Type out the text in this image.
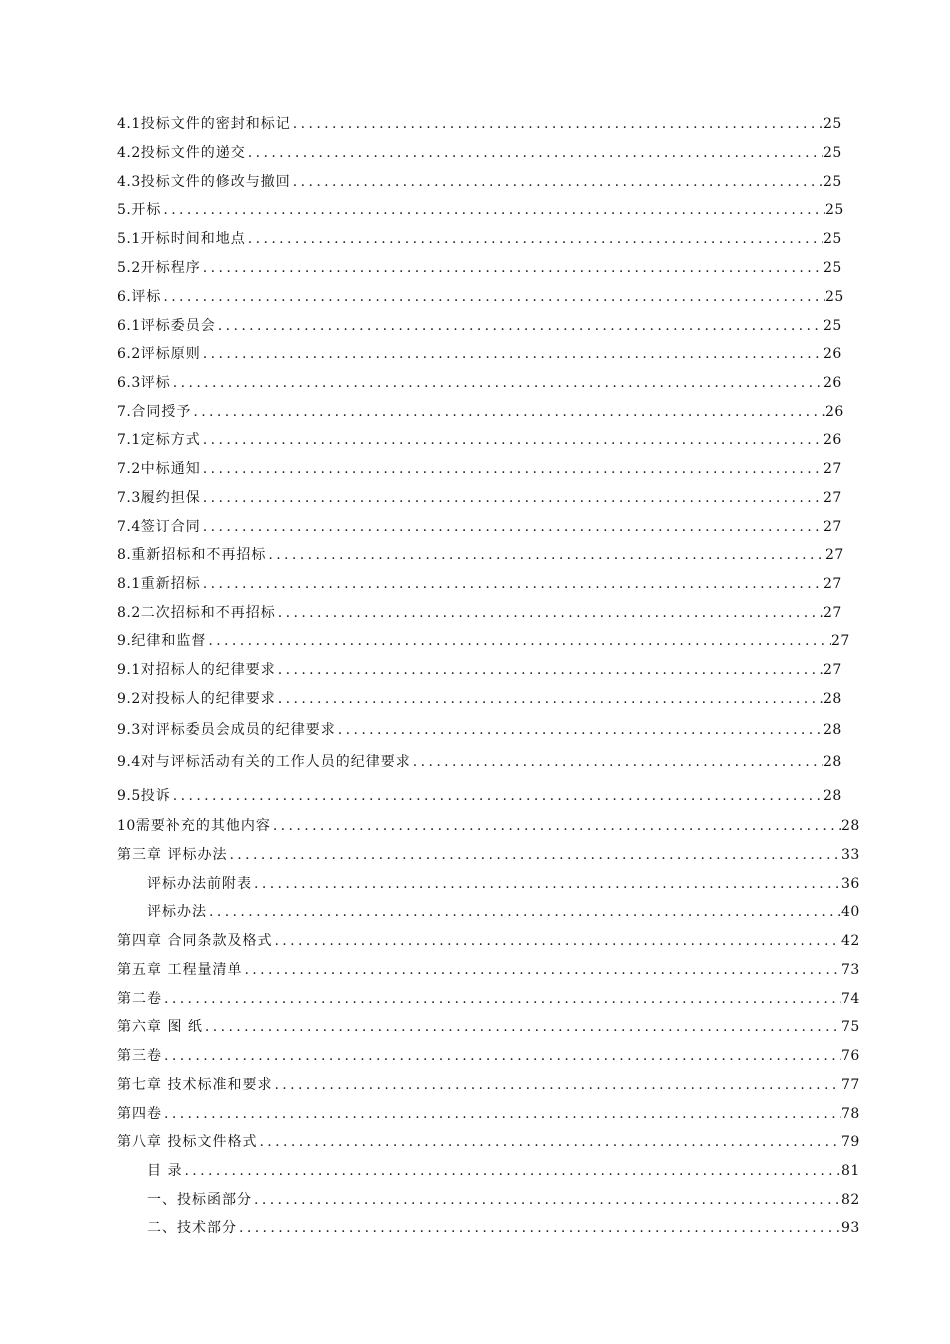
4.1 投标文件的密封和标记 .....	25
4.2 投标文件的递交 .....	25
4.3 投标文件的修改与撤回 .....	25
5. 开标 .....	25
5.1 开标时间和地点 .....	25
5.2 开标程序 .....	25
6. 评标 .....	25
6.1 评标委员会 .....	25
6.2 评标原则 .....	26
6.3 评标 .....	26
7. 合同授予 .....	26
7.1 定标方式 .....	26
7.2 中标通知 .....	27
7.3 履约担保 .....	27
7.4 签订合同 .....	27
8. 重新招标和不再招标 .....	27
8.1 重新招标 .....	27
8.2 二次招标和不再招标 .....	27
9. 纪律和监督 .....	27
9.1 对招标人的纪律要求 .....	27
9.2 对投标人的纪律要求 .....	28
9.3 对评标委员会成员的纪律要求 .....	28
9.4 对与评标活动有关的工作人员的纪律要求 .....	28
9.5 投诉 .....	28
10 需要补充的其他内容 .....	28
第三章 评标办法 .....	33
评标办法前附表 .....	36
评标办法 .....	40
第四章 合同条款及格式 .....	42
第五章 工程量清单 .....	73
第二卷 .....	74
第六章 图 纸 .....	75
第三卷 .....	76
第七章 技术标准和要求 .....	77
第四卷 .....	78
第八章 投标文件格式 .....	79
目 录 .....	81
一、投标函部分 .....	82
二、技术部分 .....	93
